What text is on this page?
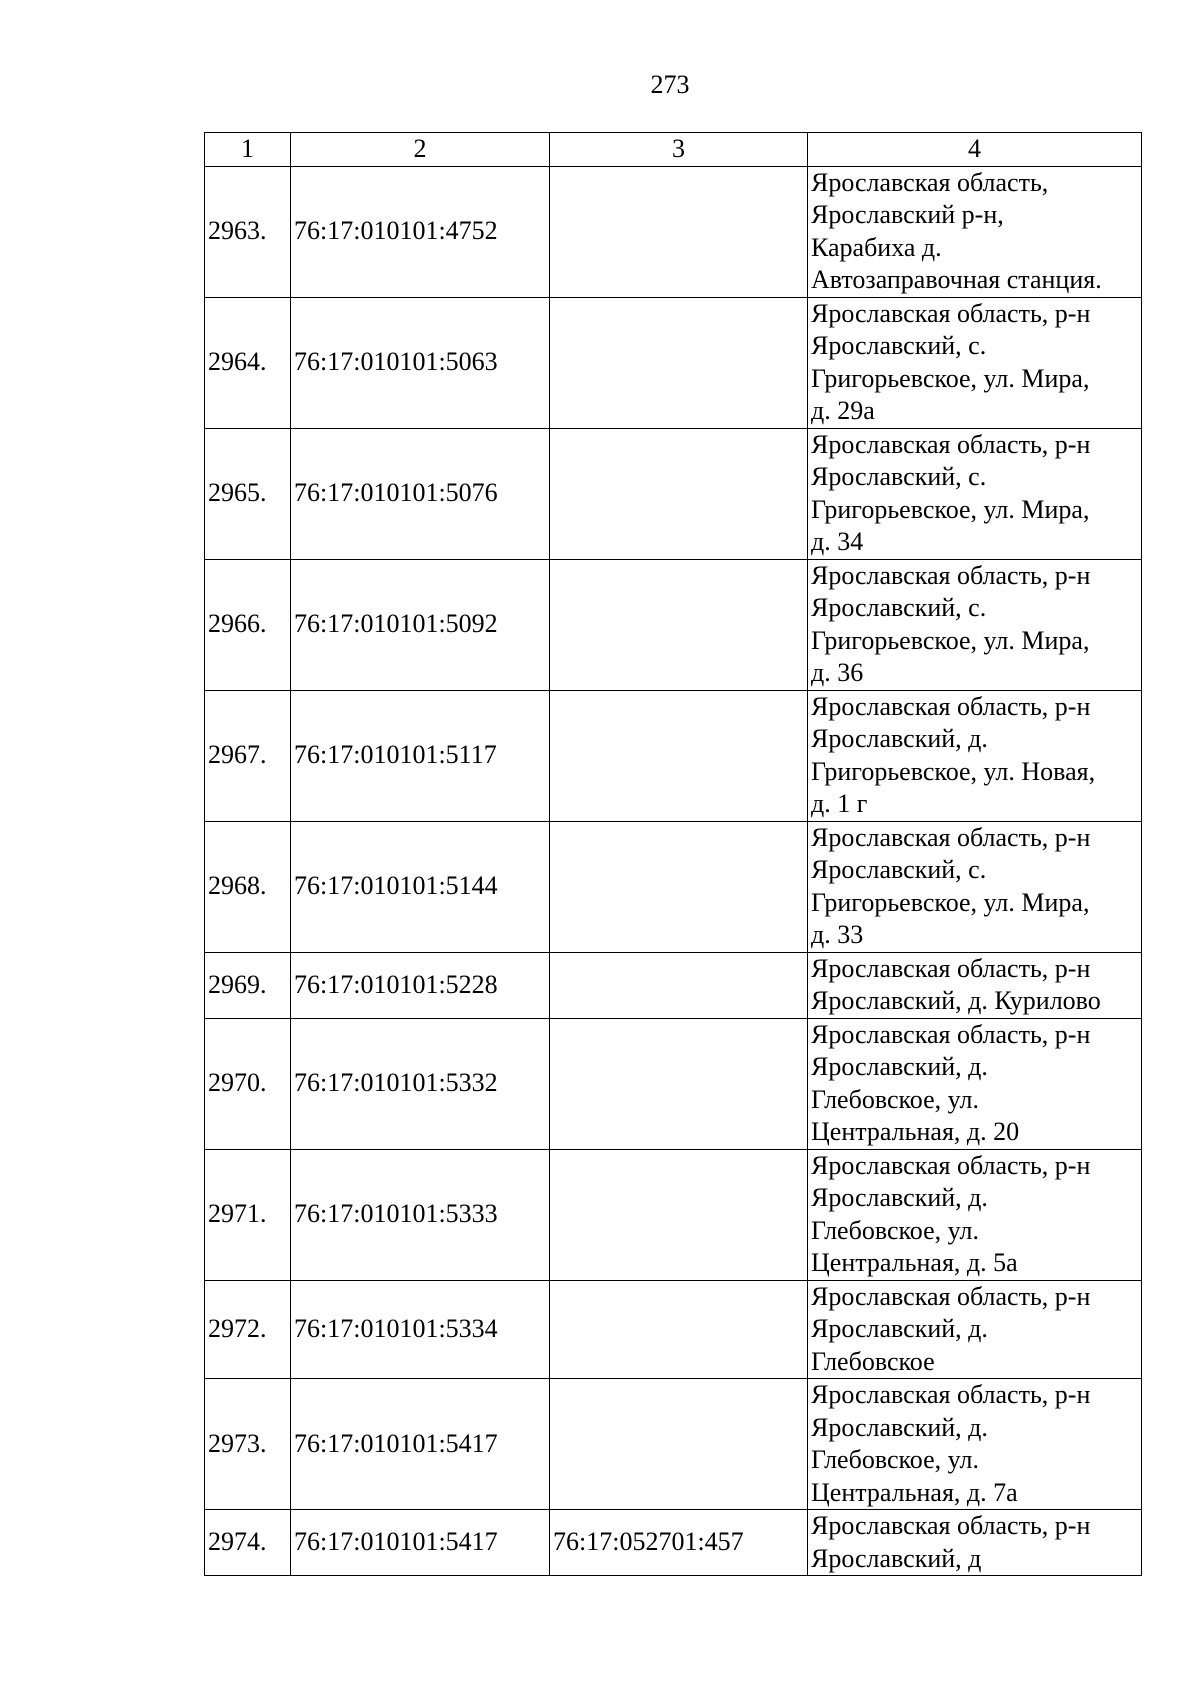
273
1	2	3	4
2963.	76:17:010101:4752		Ярославская область,
Ярославский р-н,
Карабиха д.
Автозаправочная станция.

2964.	76:17:010101:5063		Ярославская область, р-н
Ярославский, с.
Григорьевское, ул. Мира,
д. 29а

2965.	76:17:010101:5076		Ярославская область, р-н
Ярославский, с.
Григорьевское, ул. Мира,
д. 34

2966.	76:17:010101:5092		Ярославская область, р-н
Ярославский, с.
Григорьевское, ул. Мира,
д. 36

2967.	76:17:010101:5117		Ярославская область, р-н
Ярославский, д.
Григорьевское, ул. Новая,
д. 1 г

2968.	76:17:010101:5144		Ярославская область, р-н
Ярославский, с.
Григорьевское, ул. Мира,
д. 33

2969.	76:17:010101:5228		Ярославская область, р-н
Ярославский, д. Курилово

2970.	76:17:010101:5332		Ярославская область, р-н
Ярославский, д.
Глебовское, ул.
Центральная, д. 20

2971.	76:17:010101:5333		Ярославская область, р-н
Ярославский, д.
Глебовское, ул.
Центральная, д. 5а

2972.	76:17:010101:5334		Ярославская область, р-н
Ярославский, д.
Глебовское

2973.	76:17:010101:5417		Ярославская область, р-н
Ярославский, д.
Глебовское, ул.
Центральная, д. 7а

2974.	76:17:010101:5417	76:17:052701:457	Ярославская область, р-н
Ярославский, д
